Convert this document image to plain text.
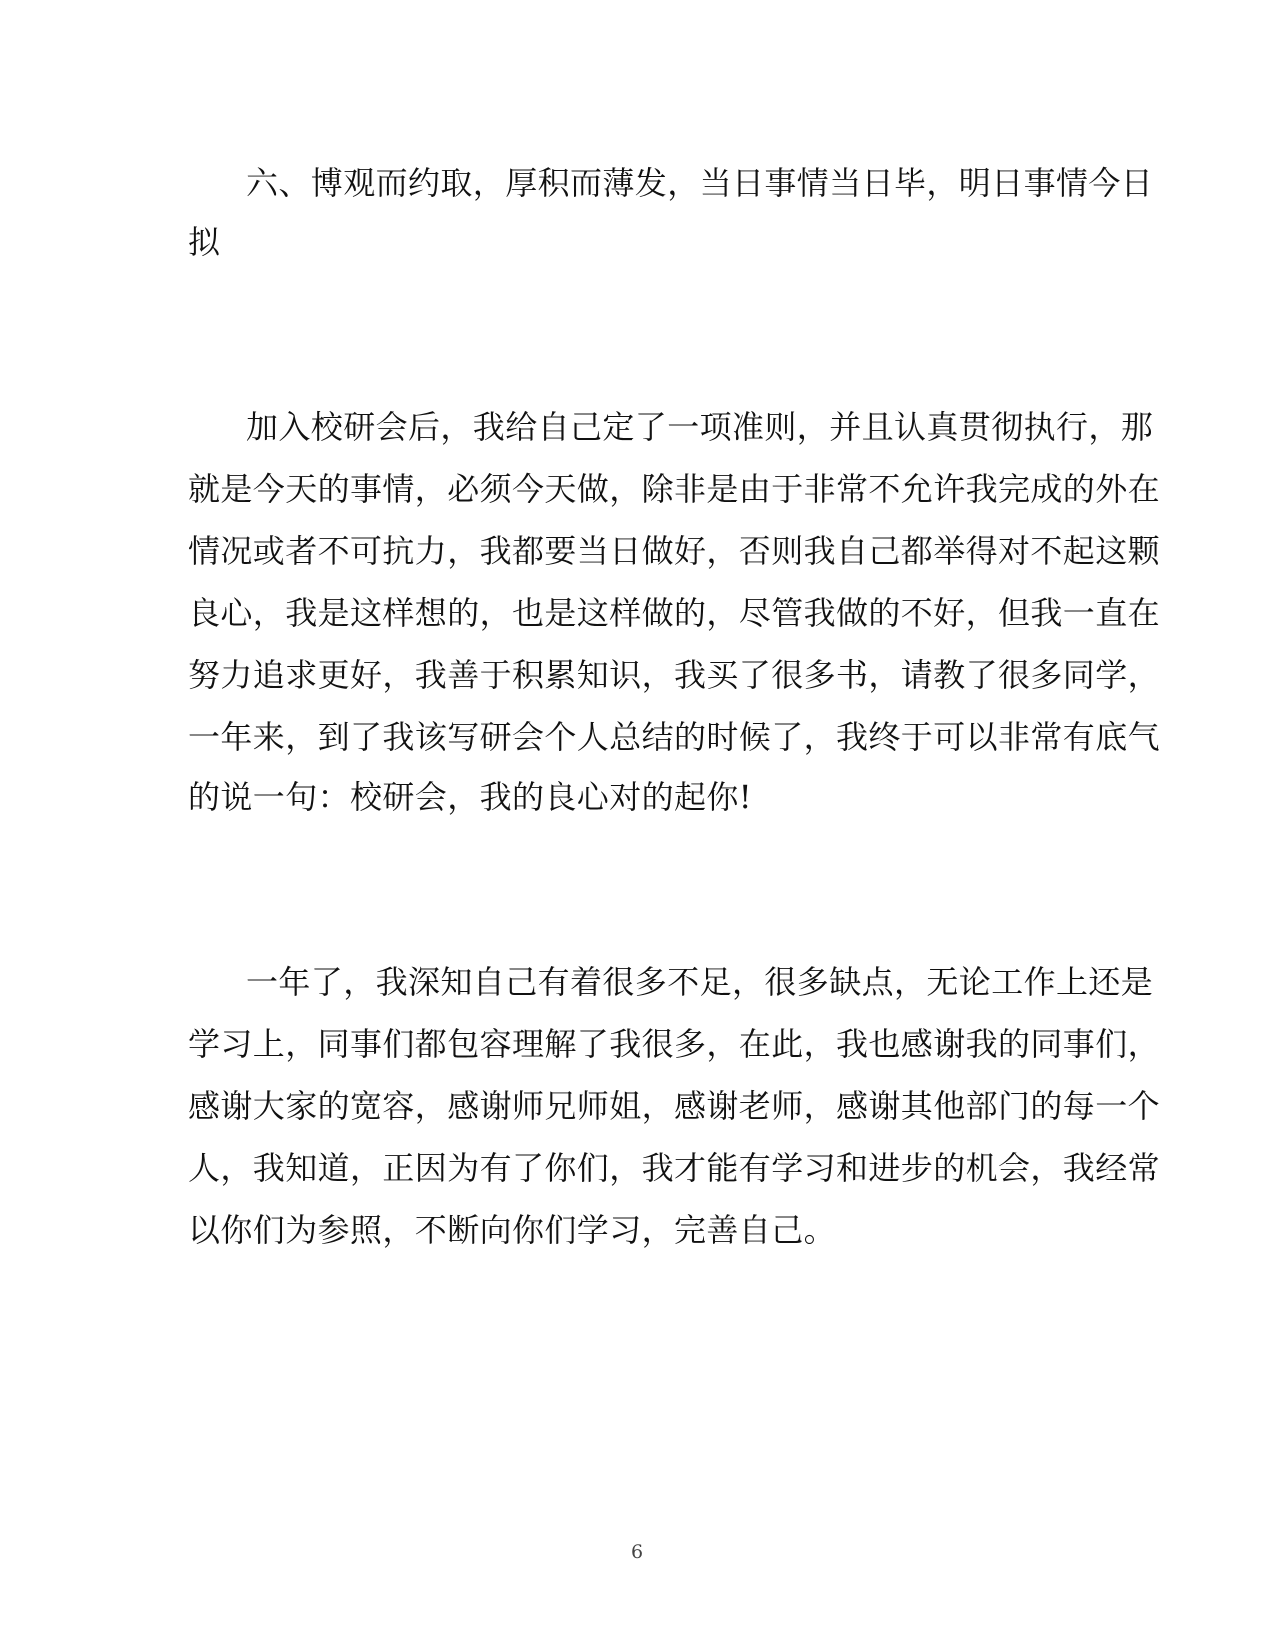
六、博观而约取，厚积而薄发，当日事情当日毕，明日事情今日
拟
加入校研会后，我给自己定了一项准则，并且认真贯彻执行，那
就是今天的事情，必须今天做，除非是由于非常不允许我完成的外在
情况或者不可抗力，我都要当日做好，否则我自己都举得对不起这颗
良心，我是这样想的，也是这样做的，尽管我做的不好，但我一直在
努力追求更好，我善于积累知识，我买了很多书，请教了很多同学，
一年来，到了我该写研会个人总结的时候了，我终于可以非常有底气
的说一句：校研会，我的良心对的起你!
一年了，我深知自己有着很多不足，很多缺点，无论工作上还是
学习上，同事们都包容理解了我很多，在此，我也感谢我的同事们，
感谢大家的宽容，感谢师兄师姐，感谢老师，感谢其他部门的每一个
人，我知道，正因为有了你们，我才能有学习和进步的机会，我经常
以你们为参照，不断向你们学习，完善自己。
6
